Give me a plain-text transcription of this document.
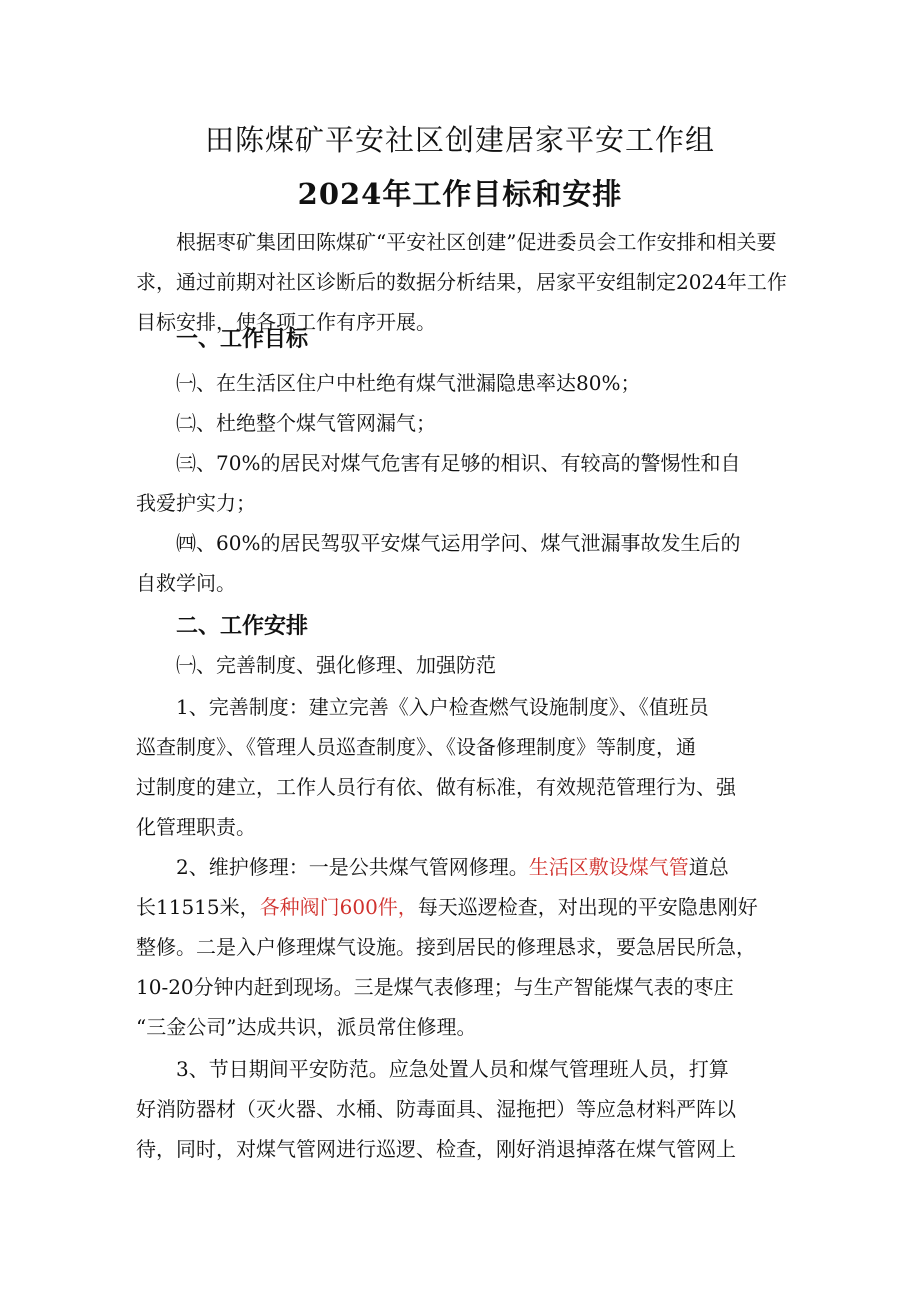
田陈煤矿平安社区创建居家平安工作组
2024年工作目标和安排
根据枣矿集团田陈煤矿“平安社区创建”促进委员会工作安排和相关要求，通过前期对社区诊断后的数据分析结果，居家平安组制定2024年工作目标安排，使各项工作有序开展。
一、工作目标
㈠、在生活区住户中杜绝有煤气泄漏隐患率达80%；
㈡、杜绝整个煤气管网漏气；
㈢、70%的居民对煤气危害有足够的相识、有较高的警惕性和自
我爱护实力；
㈣、60%的居民驾驭平安煤气运用学问、煤气泄漏事故发生后的
自救学问。
二、工作安排
㈠、完善制度、强化修理、加强防范
1、完善制度：建立完善《入户检查燃气设施制度》、《值班员
巡查制度》、《管理人员巡查制度》、《设备修理制度》等制度，通
过制度的建立，工作人员行有依、做有标准，有效规范管理行为、强
化管理职责。
2、维护修理：一是公共煤气管网修理。生活区敷设煤气管道总
长11515米，各种阀门600件，每天巡逻检查，对出现的平安隐患刚好
整修。二是入户修理煤气设施。接到居民的修理恳求，要急居民所急，
10-20分钟内赶到现场。三是煤气表修理；与生产智能煤气表的枣庄
“三金公司”达成共识，派员常住修理。
3、节日期间平安防范。应急处置人员和煤气管理班人员，打算
好消防器材（灭火器、水桶、防毒面具、湿拖把）等应急材料严阵以
待，同时，对煤气管网进行巡逻、检查，刚好消退掉落在煤气管网上
